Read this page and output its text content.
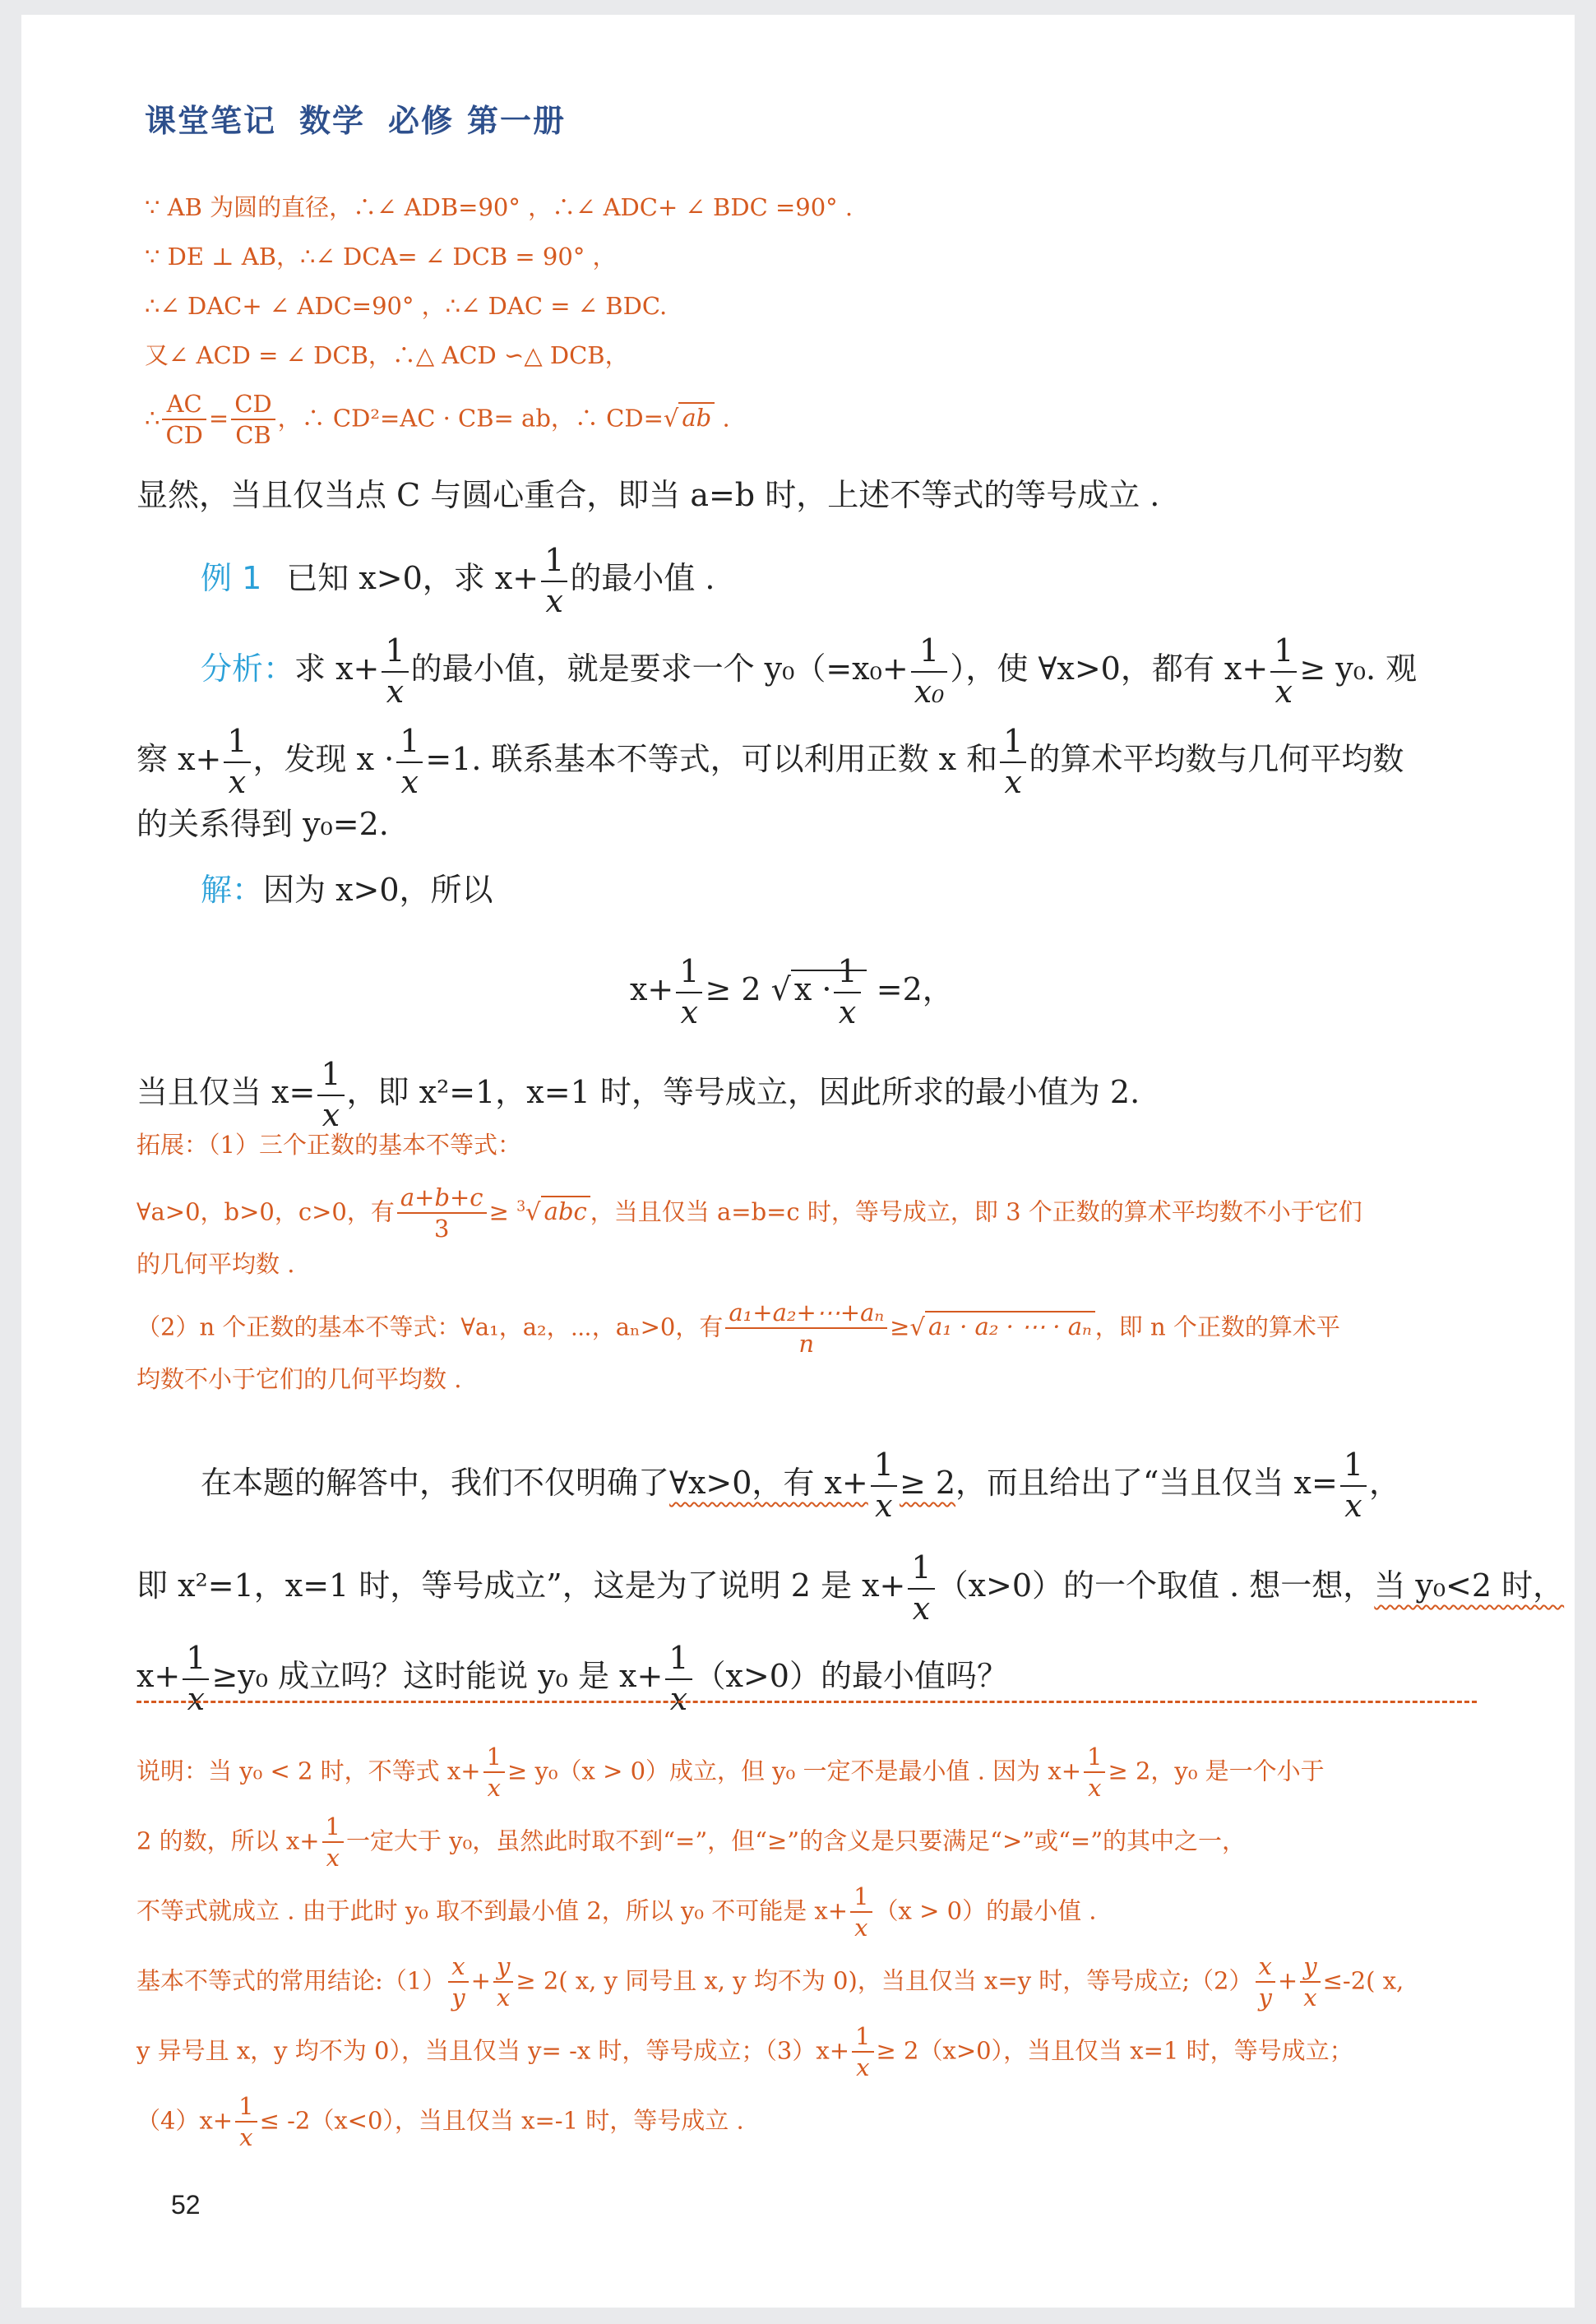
课堂笔记 数学 必修 第一册
∵ AB 为圆的直径，∴∠ ADB=90° ，∴∠ ADC+ ∠ BDC =90° .
∵ DE ⊥ AB，∴∠ DCA= ∠ DCB = 90° ，
∴∠ DAC+ ∠ ADC=90° ，∴∠ DAC = ∠ BDC.
又∠ ACD = ∠ DCB，∴△ ACD ∽△ DCB，
∴ $\frac{AC}{CD} = \frac{CD}{CB}$ ，∴ CD²=AC · CB= ab，∴ CD=√ ab .
显然，当且仅当点 C 与圆心重合，即当 a=b 时，上述不等式的等号成立 .
例 1 已知 x>0，求 $x+ \frac{1}{x}$ 的最小值 .
分析：求 $x+ \frac{1}{x}$ 的最小值，就是要求一个 $y_0(=x_0+ \frac{1}{\text{x₀}}$ ），使 ∀x>0，都有 $x+ \frac{1}{x} \ge y_0$. 观
察 $x+ \frac{1}{x}$ ，发现 $x \cdot \frac{1}{x} =1$. 联系基本不等式，可以利用正数 x 和 $\frac{1}{x}$ 的算术平均数与几何平均数
的关系得到 y₀=2.
解：因为 x>0，所以
$x+ \frac{1}{x} \ge 2$ √ $x \cdot \frac{1}{x} =2$，
当且仅当 $x= \frac{1}{x}$ ，即 x²=1，x=1 时，等号成立，因此所求的最小值为 2.
拓展：（1）三个正数的基本不等式：
∀a>0，b>0，c>0，有 $\frac{a+b+c}{3} \ge ^3√$ abc ，当且仅当 a=b=c 时，等号成立，即 3 个正数的算术平均数不小于它们
的几何平均数 .
（2）n 个正数的基本不等式：∀a₁，a₂，⋯，aₙ>0，有 $\frac{\text{a₁+a₂+⋯+aₙ}}{n}$ ≥√ a₁ · a₂ · ⋯ · aₙ ，即 n 个正数的算术平
均数不小于它们的几何平均数 .
在本题的解答中，我们不仅明确了∀x>0，有 $x+ \frac{1}{x} \ge 2$，而且给出了“当且仅当 $x= \frac{1}{x}$ ，
即 x²=1，x=1 时，等号成立”，这是为了说明 2 是 $x+ \frac{1}{x} (x>0)$的一个取值 . 想一想，当 y₀<2 时，
$x+ \frac{1}{x} \ge y_0$ 成立吗？这时能说 y₀ 是 $x+ \frac{1}{x} (x>0)$的最小值吗？
说明：当 y₀ < 2 时，不等式 $x+ \frac{1}{x} \ge y_0(x > 0)$成立，但 y₀ 一定不是最小值 . 因为 $x+ \frac{1}{x} \ge 2$，y₀ 是一个小于
2 的数，所以 $x+ \frac{1}{x}$ 一定大于 y₀，虽然此时取不到“=”，但“≥”的含义是只要满足“>”或“=”的其中之一，
不等式就成立 . 由于此时 y₀ 取不到最小值 2，所以 y₀ 不可能是 $x+ \frac{1}{x} (x > 0)$的最小值 .
基本不等式的常用结论:（1） $\frac{x}{y} + \frac{y}{x} \ge 2$( x, y 同号且 x, y 均不为 0)，当且仅当 x=y 时，等号成立;（2） $\frac{x}{y} + \frac{y}{x} \le-2$( x,
y 异号且 x，y 均不为 0），当且仅当 y= -x 时，等号成立；$(3)x+ \frac{1}{x} \ge 2(x>0)$，当且仅当 x=1 时，等号成立；
$(4)x+ \frac{1}{x} \le -2(x<0)$，当且仅当 x=-1 时，等号成立 .
52
